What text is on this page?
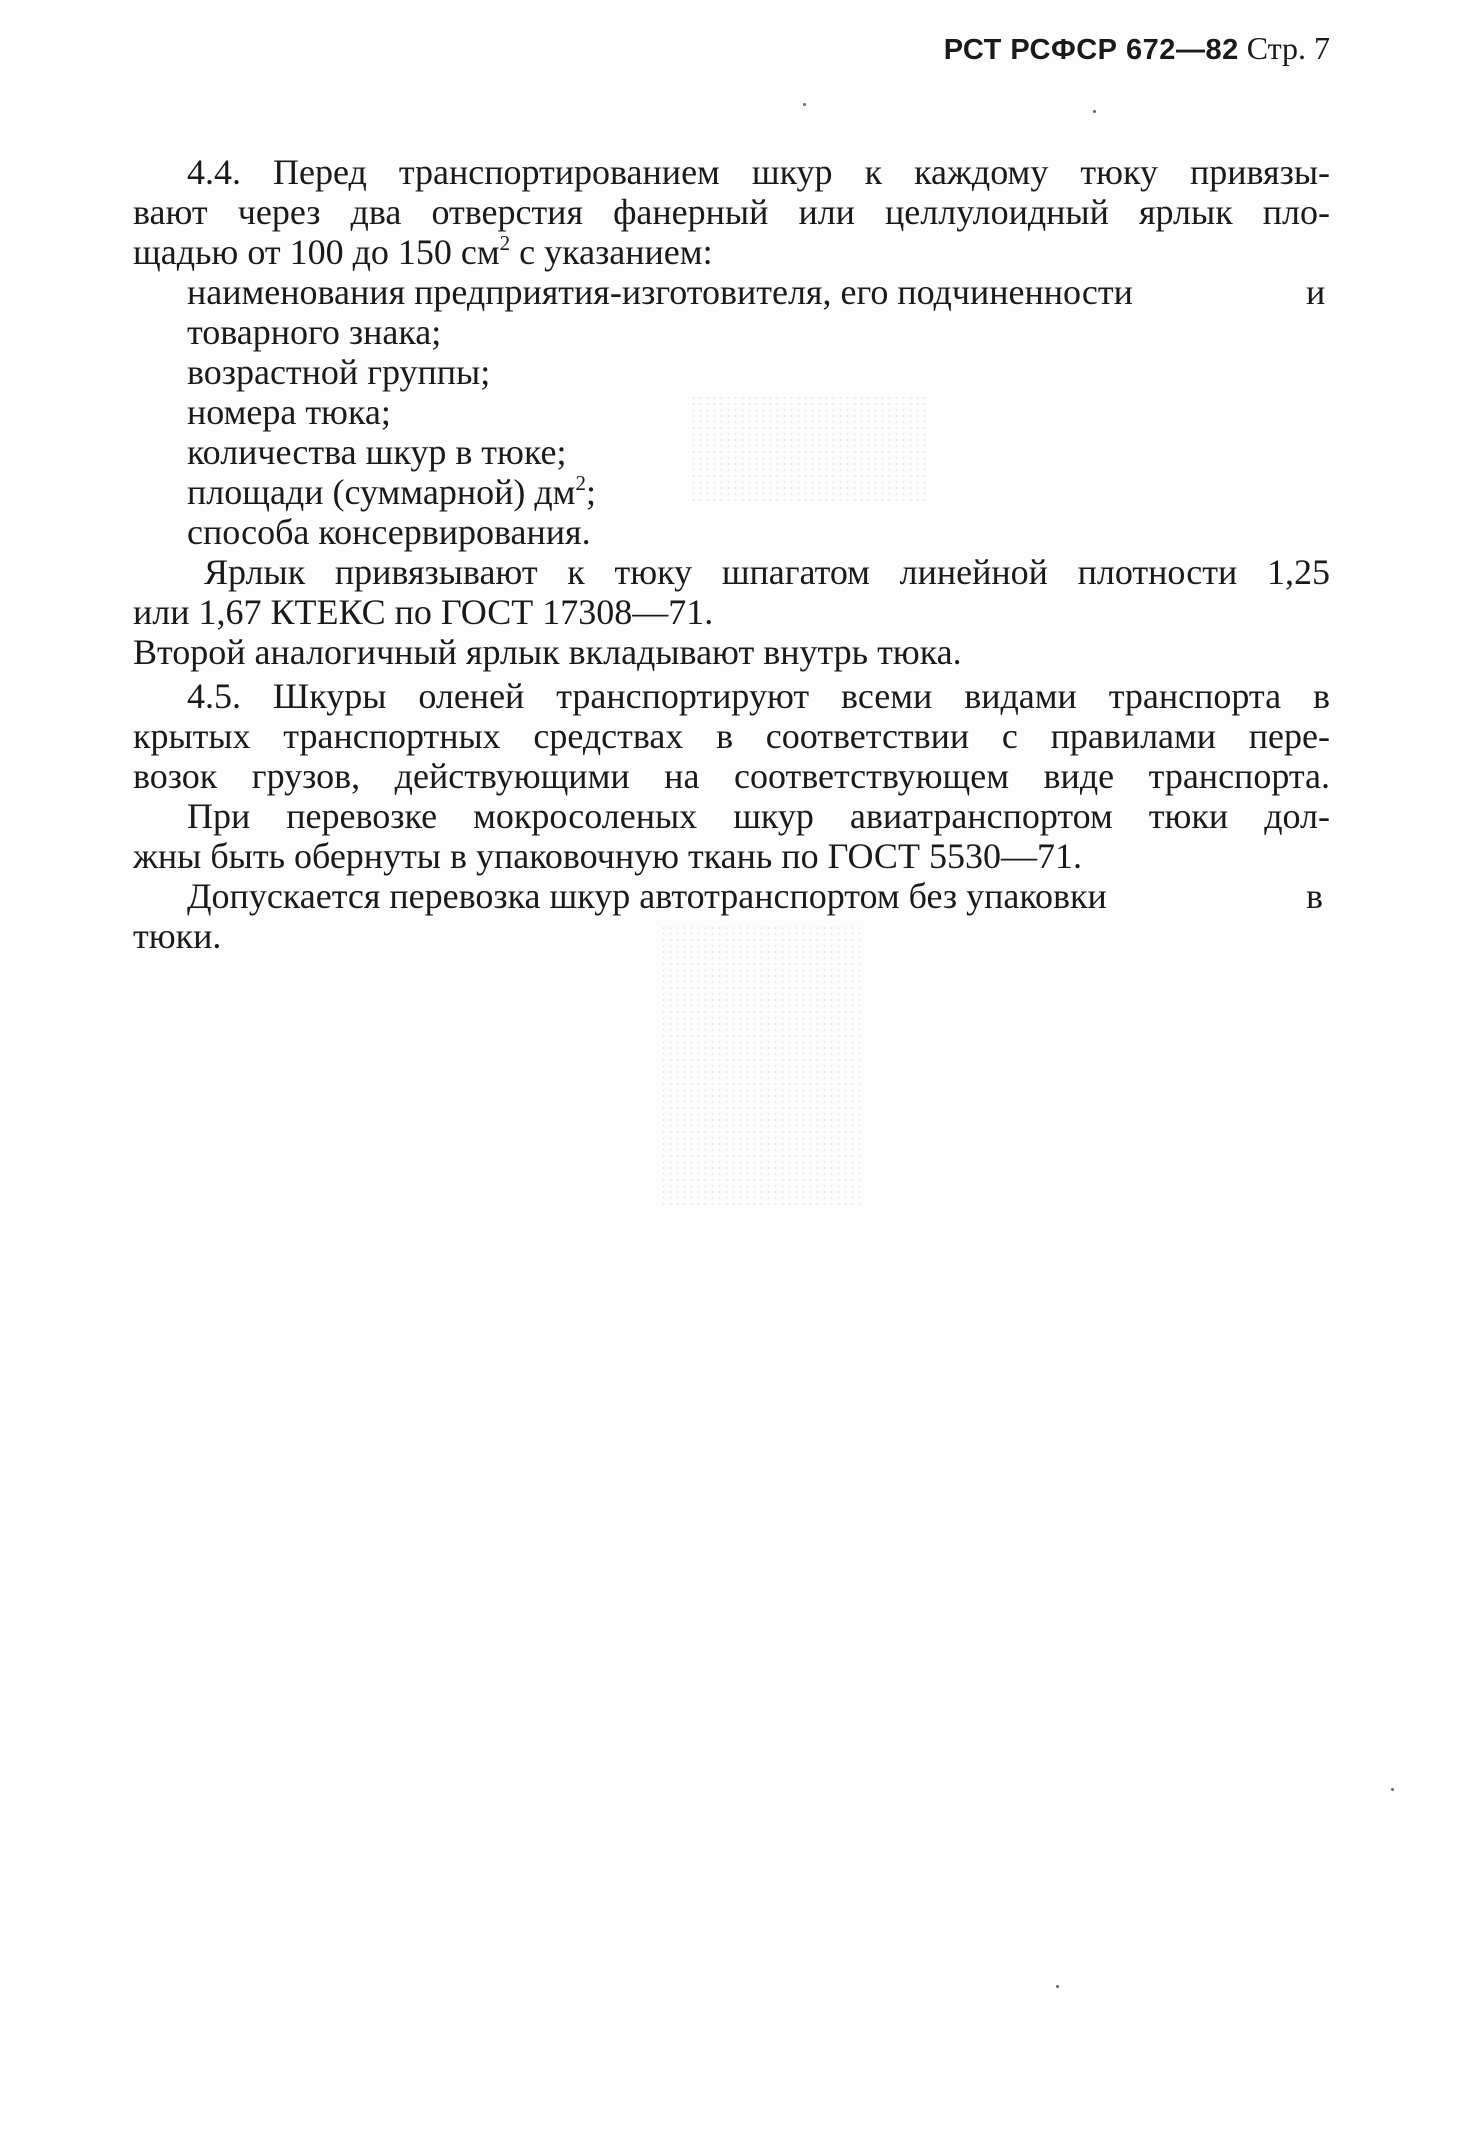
РСТ РСФСР 672—82 Стр. 7
4.4. Перед транспортированием шкур к каждому тюку привязы-
вают через два отверстия фанерный или целлулоидный ярлык пло-
щадью от 100 до 150 $см^2$ с указанием:
наименования предприятия-изготовителя, его подчиненности	и
товарного знака;
возрастной группы;
номера тюка;
количества шкур в тюке;
площади (суммарной) $дм^2$;
способа консервирования.
Ярлык привязывают к тюку шпагатом линейной плотности 1,25
или 1,67 КТЕКС по ГОСТ 17308—71.
Второй аналогичный ярлык вкладывают внутрь тюка.
4.5. Шкуры оленей транспортируют всеми видами транспорта в
крытых транспортных средствах в соответствии с правилами пере-
возок грузов, действующими на соответствующем виде транспорта.
При перевозке мокросоленых шкур авиатранспортом тюки дол-
жны быть обернуты в упаковочную ткань по ГОСТ 5530—71.
Допускается перевозка шкур автотранспортом без упаковки	в
тюки.
